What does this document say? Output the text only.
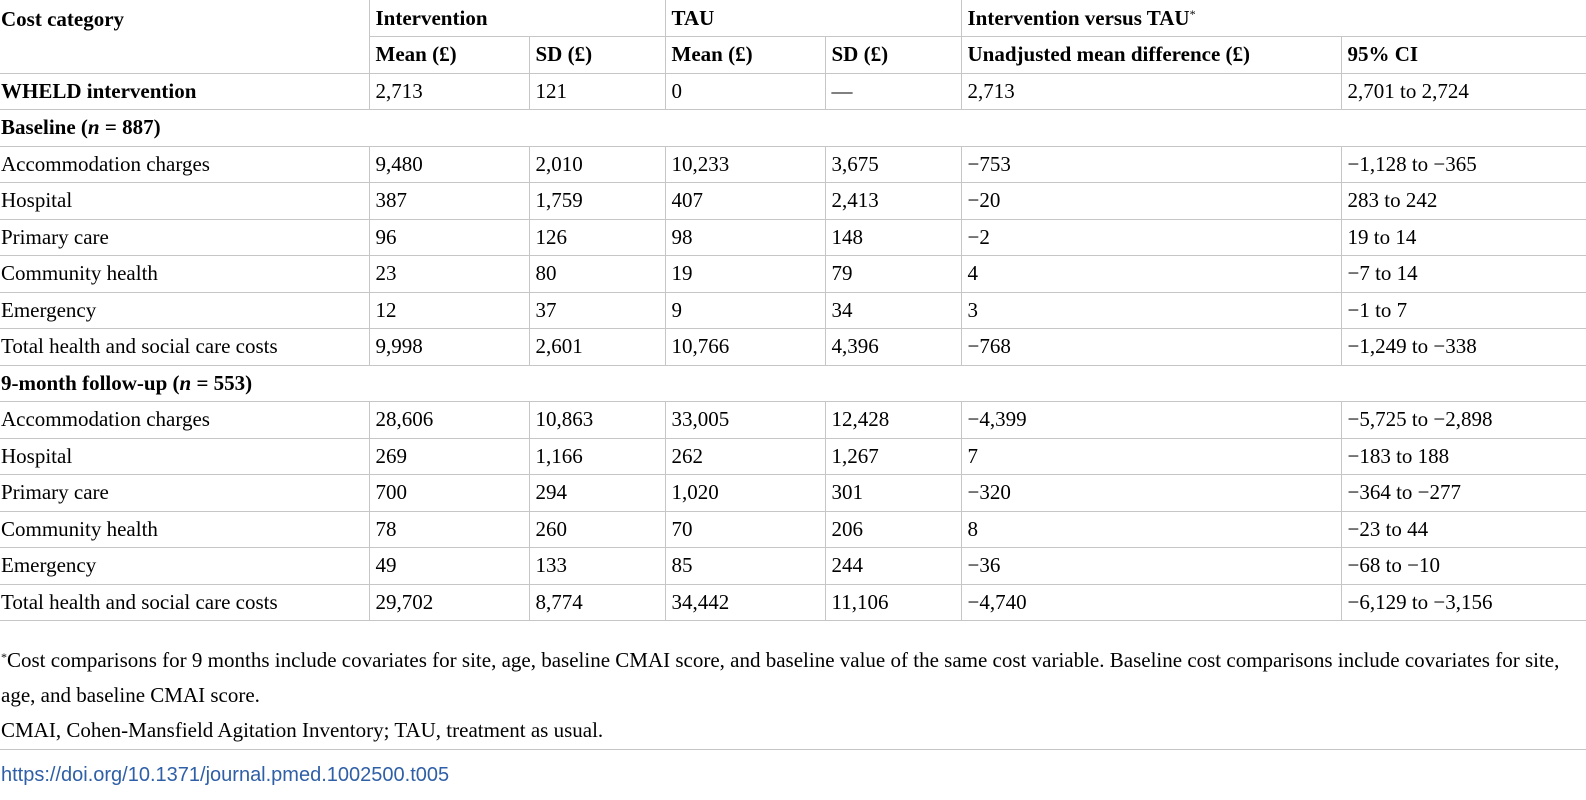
Cost category	Intervention		TAU		Intervention versus TAU*
	Mean (£)	SD (£)	Mean (£)	SD (£)	Unadjusted mean difference (£)	95% CI
WHELD intervention	2,713	121	0	—	2,713	2,701 to 2,724
Baseline (n = 887)						
Accommodation charges	9,480	2,010	10,233	3,675	−753	−1,128 to −365
Hospital	387	1,759	407	2,413	−20	283 to 242
Primary care	96	126	98	148	−2	19 to 14
Community health	23	80	19	79	4	−7 to 14
Emergency	12	37	9	34	3	−1 to 7
Total health and social care costs	9,998	2,601	10,766	4,396	−768	−1,249 to −338
9-month follow-up (n = 553)						
Accommodation charges	28,606	10,863	33,005	12,428	−4,399	−5,725 to −2,898
Hospital	269	1,166	262	1,267	7	−183 to 188
Primary care	700	294	1,020	301	−320	−364 to −277
Community health	78	260	70	206	8	−23 to 44
Emergency	49	133	85	244	−36	−68 to −10
Total health and social care costs	29,702	8,774	34,442	11,106	−4,740	−6,129 to −3,156
*Cost comparisons for 9 months include covariates for site, age, baseline CMAI score, and baseline value of the same cost variable. Baseline cost comparisons include covariates for site, age, and baseline CMAI score.
CMAI, Cohen-Mansfield Agitation Inventory; TAU, treatment as usual.
https://doi.org/10.1371/journal.pmed.1002500.t005
